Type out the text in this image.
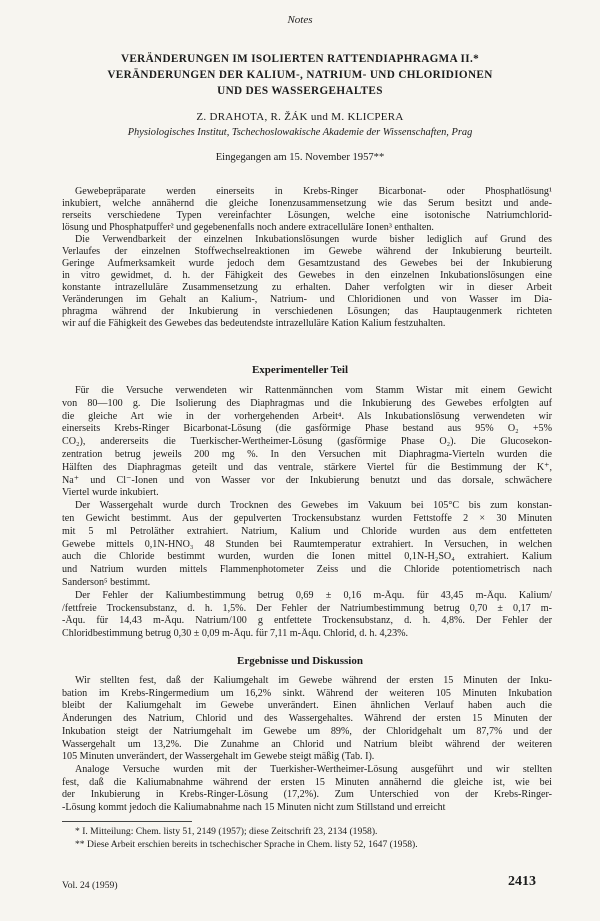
Notes
VERÄNDERUNGEN IM ISOLIERTEN RATTENDIAPHRAGMA II.*
VERÄNDERUNGEN DER KALIUM-, NATRIUM- UND CHLORIDIONEN
UND DES WASSERGEHALTES
Z. DRAHOTA, R. ŽÁK und M. KLICPERA
Physiologisches Institut, Tschechoslowakische Akademie der Wissenschaften, Prag
Eingegangen am 15. November 1957**
Gewebepräparate werden einerseits in Krebs-Ringer Bicarbonat- oder Phosphatlösung¹
inkubiert, welche annähernd die gleiche Ionenzusammensetzung wie das Serum besitzt und ande-
rerseits verschiedene Typen vereinfachter Lösungen, welche eine isotonische Natriumchlorid-
lösung und Phosphatpuffer² und gegebenenfalls noch andere extracelluläre Ionen³ enthalten.
Die Verwendbarkeit der einzelnen Inkubationslösungen wurde bisher lediglich auf Grund des
Verlaufes der einzelnen Stoffwechselreaktionen im Gewebe während der Inkubierung beurteilt.
Geringe Aufmerksamkeit wurde jedoch dem Gesamtzustand des Gewebes bei der Inkubierung
in vitro gewidmet, d. h. der Fähigkeit des Gewebes in den einzelnen Inkubationslösungen eine
konstante intrazelluläre Zusammensetzung zu erhalten. Daher verfolgten wir in dieser Arbeit
Veränderungen im Gehalt an Kalium-, Natrium- und Chloridionen und von Wasser im Dia-
phragma während der Inkubierung in verschiedenen Lösungen; das Hauptaugenmerk richteten
wir auf die Fähigkeit des Gewebes das bedeutendste intrazelluläre Kation Kalium festzuhalten.
Experimenteller Teil
Für die Versuche verwendeten wir Rattenmännchen vom Stamm Wistar mit einem Gewicht
von 80—100 g. Die Isolierung des Diaphragmas und die Inkubierung des Gewebes erfolgten auf
die gleiche Art wie in der vorhergehenden Arbeit⁴. Als Inkubationslösung verwendeten wir
einerseits Krebs-Ringer Bicarbonat-Lösung (die gasförmige Phase bestand aus 95% O₂ +5%
CO₂), andererseits die Tuerkischer-Wertheimer-Lösung (gasförmige Phase O₂). Die Glucosekon-
zentration betrug jeweils 200 mg %. In den Versuchen mit Diaphragma-Vierteln wurden die
Hälften des Diaphragmas geteilt und das ventrale, stärkere Viertel für die Bestimmung der K⁺,
Na⁺ und Cl⁻-Ionen und von Wasser vor der Inkubierung benutzt und das dorsale, schwächere
Viertel wurde inkubiert.
Der Wassergehalt wurde durch Trocknen des Gewebes im Vakuum bei 105°C bis zum konstan-
ten Gewicht bestimmt. Aus der gepulverten Trockensubstanz wurden Fettstoffe 2 × 30 Minuten
mit 5 ml Petroläther extrahiert. Natrium, Kalium und Chloride wurden aus dem entfetteten
Gewebe mittels 0,1N-HNO₃ 48 Stunden bei Raumtemperatur extrahiert. In Versuchen, in welchen
auch die Chloride bestimmt wurden, wurden die Ionen mittel 0,1N-H₂SO₄ extrahiert. Kalium
und Natrium wurden mittels Flammenphotometer Zeiss und die Chloride potentiometrisch nach
Sanderson⁵ bestimmt.
Der Fehler der Kaliumbestimmung betrug 0,69 ± 0,16 m-Äqu. für 43,45 m-Äqu. Kalium/
/fettfreie Trockensubstanz, d. h. 1,5%. Der Fehler der Natriumbestimmung betrug 0,70 ± 0,17 m-
-Äqu. für 14,43 m-Äqu. Natrium/100 g entfettete Trockensubstanz, d. h. 4,8%. Der Fehler der
Chloridbestimmung betrug 0,30 ± 0,09 m-Äqu. für 7,11 m-Äqu. Chlorid, d. h. 4,23%.
Ergebnisse und Diskussion
Wir stellten fest, daß der Kaliumgehalt im Gewebe während der ersten 15 Minuten der Inku-
bation im Krebs-Ringermedium um 16,2% sinkt. Während der weiteren 105 Minuten Inkubation
bleibt der Kaliumgehalt im Gewebe unverändert. Einen ähnlichen Verlauf haben auch die
Änderungen des Natrium, Chlorid und des Wassergehaltes. Während der ersten 15 Minuten der
Inkubation steigt der Natriumgehalt im Gewebe um 89%, der Chloridgehalt um 87,7% und der
Wassergehalt um 13,2%. Die Zunahme an Chlorid und Natrium bleibt während der weiteren
105 Minuten unverändert, der Wassergehalt im Gewebe steigt mäßig (Tab. I).
Analoge Versuche wurden mit der Tuerkisher-Wertheimer-Lösung ausgeführt und wir stellten
fest, daß die Kaliumabnahme während der ersten 15 Minuten annähernd die gleiche ist, wie bei
der Inkubierung in Krebs-Ringer-Lösung (17,2%). Zum Unterschied von der Krebs-Ringer-
-Lösung kommt jedoch die Kaliumabnahme nach 15 Minuten nicht zum Stillstand und erreicht
* I. Mitteilung: Chem. listy 51, 2149 (1957); diese Zeitschrift 23, 2134 (1958).
** Diese Arbeit erschien bereits in tschechischer Sprache in Chem. listy 52, 1647 (1958).
Vol. 24 (1959)	2413
